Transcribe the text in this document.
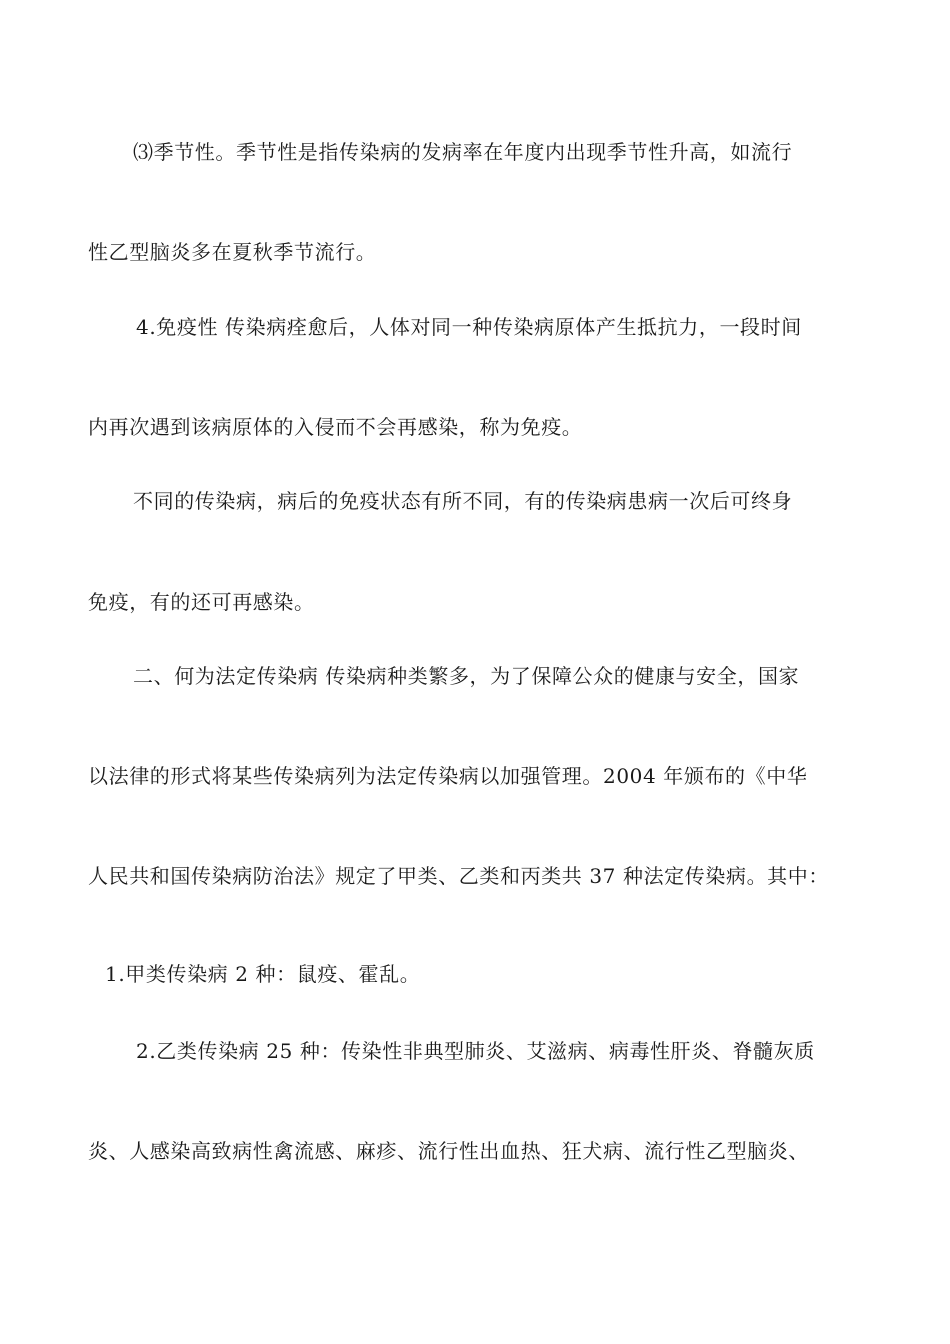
⑶季节性。季节性是指传染病的发病率在年度内出现季节性升高，如流行
性乙型脑炎多在夏秋季节流行。
4.免疫性 传染病痊愈后，人体对同一种传染病原体产生抵抗力，一段时间
内再次遇到该病原体的入侵而不会再感染，称为免疫。
不同的传染病，病后的免疫状态有所不同，有的传染病患病一次后可终身
免疫，有的还可再感染。
二、何为法定传染病 传染病种类繁多，为了保障公众的健康与安全，国家
以法律的形式将某些传染病列为法定传染病以加强管理。2004 年颁布的《中华
人民共和国传染病防治法》规定了甲类、乙类和丙类共 37 种法定传染病。其中：
1.甲类传染病 2 种：鼠疫、霍乱。
2.乙类传染病 25 种：传染性非典型肺炎、艾滋病、病毒性肝炎、脊髓灰质
炎、人感染高致病性禽流感、麻疹、流行性出血热、狂犬病、流行性乙型脑炎、
